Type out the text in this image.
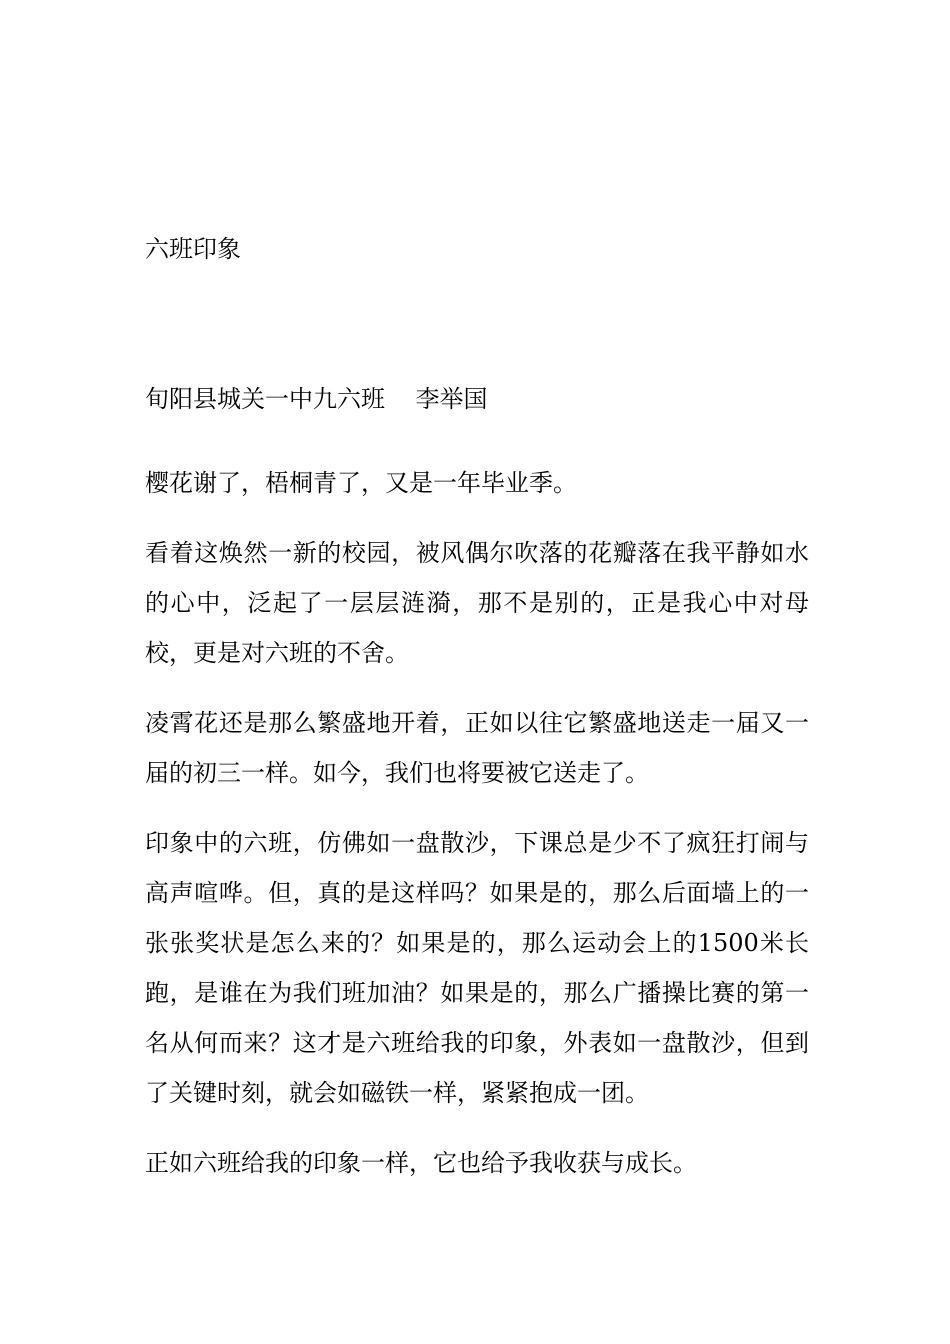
六班印象

旬阳县城关一中九六班    李举国

樱花谢了，梧桐青了，又是一年毕业季。

看着这焕然一新的校园，被风偶尔吹落的花瓣落在我平静如水的心中，泛起了一层层涟漪，那不是别的，正是我心中对母校，更是对六班的不舍。

凌霄花还是那么繁盛地开着，正如以往它繁盛地送走一届又一届的初三一样。如今，我们也将要被它送走了。

印象中的六班，仿佛如一盘散沙，下课总是少不了疯狂打闹与高声喧哗。但，真的是这样吗？如果是的，那么后面墙上的一张张奖状是怎么来的？如果是的，那么运动会上的1500米长跑，是谁在为我们班加油？如果是的，那么广播操比赛的第一名从何而来？这才是六班给我的印象，外表如一盘散沙，但到了关键时刻，就会如磁铁一样，紧紧抱成一团。

正如六班给我的印象一样，它也给予我收获与成长。
